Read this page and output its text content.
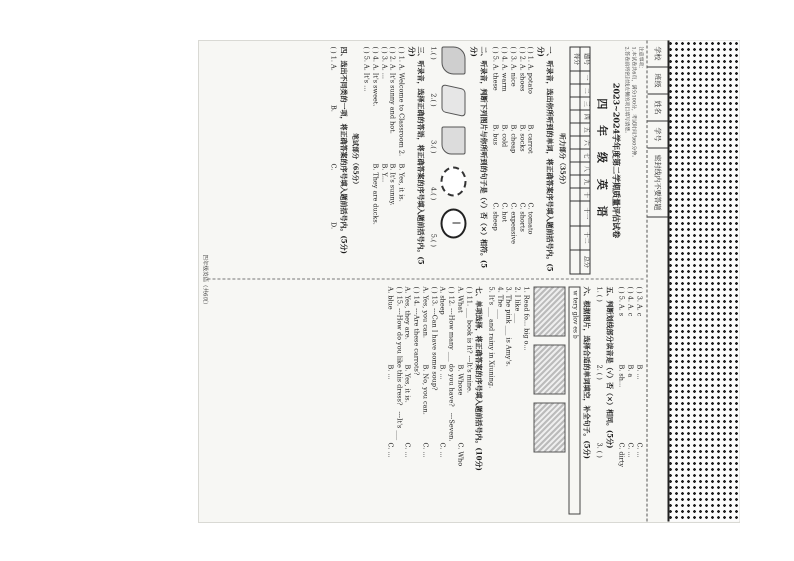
学校班级姓名学号密封线内不要答题
注意事项：
1.本试卷共6页，满分100分，考试时间为60分钟。
2.答卷前将密封线左侧的项目填写清楚。
2023~2024学年度第二学期质量评估试卷
四 年 级 英 语
题号	一	二	三	四	五	六	七	八	九	十	十一	十二	总分
得分													
听力部分（35分）
一、听录音，选出你所听到的单词，将正确答案序号填入题前括号内。(5分)
( ) 1. A. potato
B. carrot
C. tomato
( ) 2. A. shoes
B. socks
C. shorts
( ) 3. A. nice
B. cheap
C. expensive
( ) 4. A. warm
B. cold
C. hot
( ) 5. A. these
B. bus
C. sheep
二、听录音，判断下列图片与你所听到的句子是（√）否（×）相符。(5分)
1.( )
2.( )
3.( )
4.( )
5.( )
三、听录音，选择正确的答语，将正确答案的序号填入题前括号内。(5分)
( ) 1. A. Welcome to Classroom 2.
B. Yes, it is.
( ) 2. A. It's sunny and hot.
B. It's sunny.
( ) 3. A. ...
B. Y...
( ) 4. A. It's sweet.
B. They are ducks.
( ) 5. A. It's ...
笔试部分（65分）
四、选出不同类的一项，将正确答案的序号填入题前括号内。(5分)
( ) 1. A.
B.
C.
D.
( ) 3. A. c
B. ...
C. ...
( ) 4. A. c
B. a
C. ...
( ) 5. A. s
B. sh...
C. dirty
五、判断划线部分读音是（√）否（×）相同。(5分)
1. ( )
2. ( )
3. ( )
六、根据图片，选择合适的单词填空，补全句子。(5分)
w tery glov es b
1. Read fo... big o...
2. I like ___
3. The pink ___ is Amy's.
4. The ___
5. It's ___ and rainy in Xiuning.
七、单项选择，将正确答案的序号填入题前括号内。(10分)
( ) 11. ___ book is it? ---It's mine.
A. What
B. Whose
C. Who
( ) 12. ---How many ___ do you have?
---Seven.
A. sheep
B. ...
C. ...
( ) 13. ---Can I have some soup?
A. Yes, you can.
B. No, you can.
C. ...
( ) 14. ---Are these carrots?
A. Yes, they are.
B. Yes, it is.
C. ...
( ) 15. ---How do you like this dress?
---It's ___
A. blue
B. ...
C. ...
四年级英语（共6页）
